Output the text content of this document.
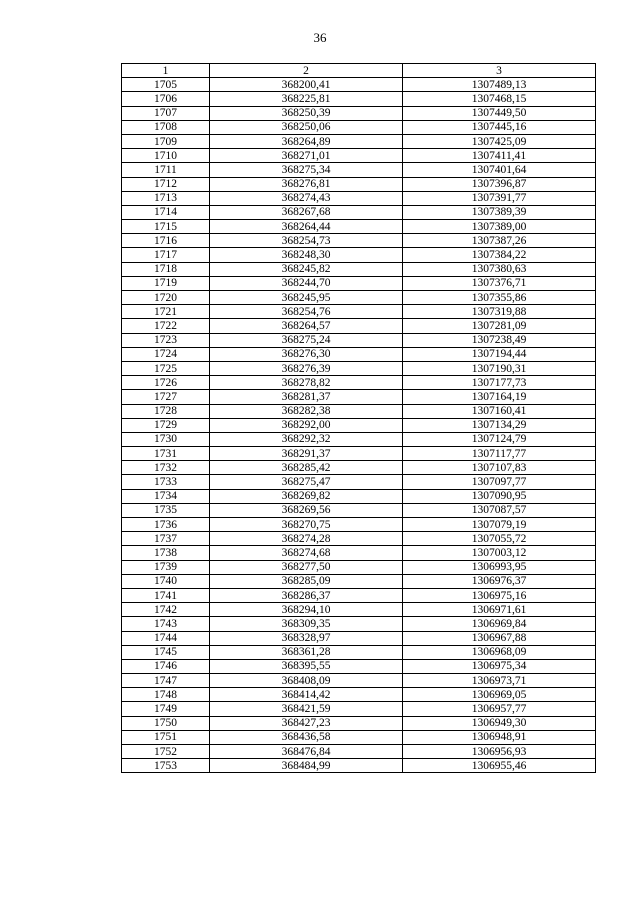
36
1	2	3
1705	368200,41	1307489,13
1706	368225,81	1307468,15
1707	368250,39	1307449,50
1708	368250,06	1307445,16
1709	368264,89	1307425,09
1710	368271,01	1307411,41
1711	368275,34	1307401,64
1712	368276,81	1307396,87
1713	368274,43	1307391,77
1714	368267,68	1307389,39
1715	368264,44	1307389,00
1716	368254,73	1307387,26
1717	368248,30	1307384,22
1718	368245,82	1307380,63
1719	368244,70	1307376,71
1720	368245,95	1307355,86
1721	368254,76	1307319,88
1722	368264,57	1307281,09
1723	368275,24	1307238,49
1724	368276,30	1307194,44
1725	368276,39	1307190,31
1726	368278,82	1307177,73
1727	368281,37	1307164,19
1728	368282,38	1307160,41
1729	368292,00	1307134,29
1730	368292,32	1307124,79
1731	368291,37	1307117,77
1732	368285,42	1307107,83
1733	368275,47	1307097,77
1734	368269,82	1307090,95
1735	368269,56	1307087,57
1736	368270,75	1307079,19
1737	368274,28	1307055,72
1738	368274,68	1307003,12
1739	368277,50	1306993,95
1740	368285,09	1306976,37
1741	368286,37	1306975,16
1742	368294,10	1306971,61
1743	368309,35	1306969,84
1744	368328,97	1306967,88
1745	368361,28	1306968,09
1746	368395,55	1306975,34
1747	368408,09	1306973,71
1748	368414,42	1306969,05
1749	368421,59	1306957,77
1750	368427,23	1306949,30
1751	368436,58	1306948,91
1752	368476,84	1306956,93
1753	368484,99	1306955,46
